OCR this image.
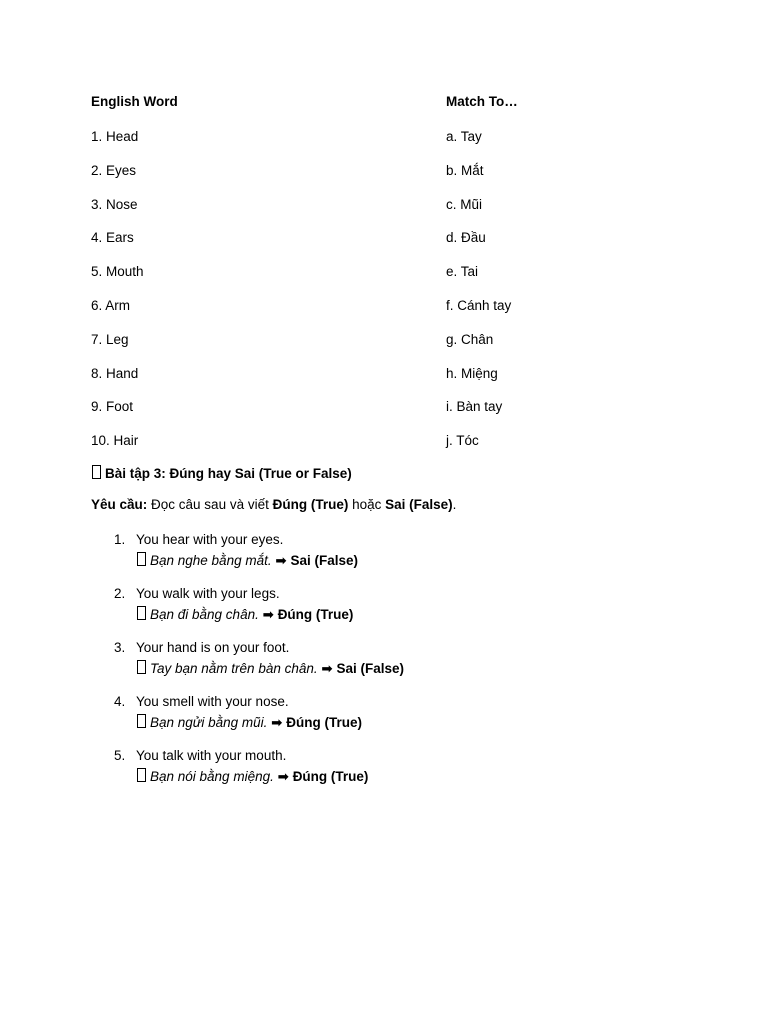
English Word	Match To…
1. Head	a. Tay
2. Eyes	b. Mắt
3. Nose	c. Mũi
4. Ears	d. Đầu
5. Mouth	e. Tai
6. Arm	f. Cánh tay
7. Leg	g. Chân
8. Hand	h. Miệng
9. Foot	i. Bàn tay
10. Hair	j. Tóc
Bài tập 3: Đúng hay Sai (True or False)
Yêu cầu: Đọc câu sau và viết Đúng (True) hoặc Sai (False).
1. You hear with your eyes.
Bạn nghe bằng mắt. ➡ Sai (False)
2. You walk with your legs.
Bạn đi bằng chân. ➡ Đúng (True)
3. Your hand is on your foot.
Tay bạn nằm trên bàn chân. ➡ Sai (False)
4. You smell with your nose.
Bạn ngửi bằng mũi. ➡ Đúng (True)
5. You talk with your mouth.
Bạn nói bằng miệng. ➡ Đúng (True)
